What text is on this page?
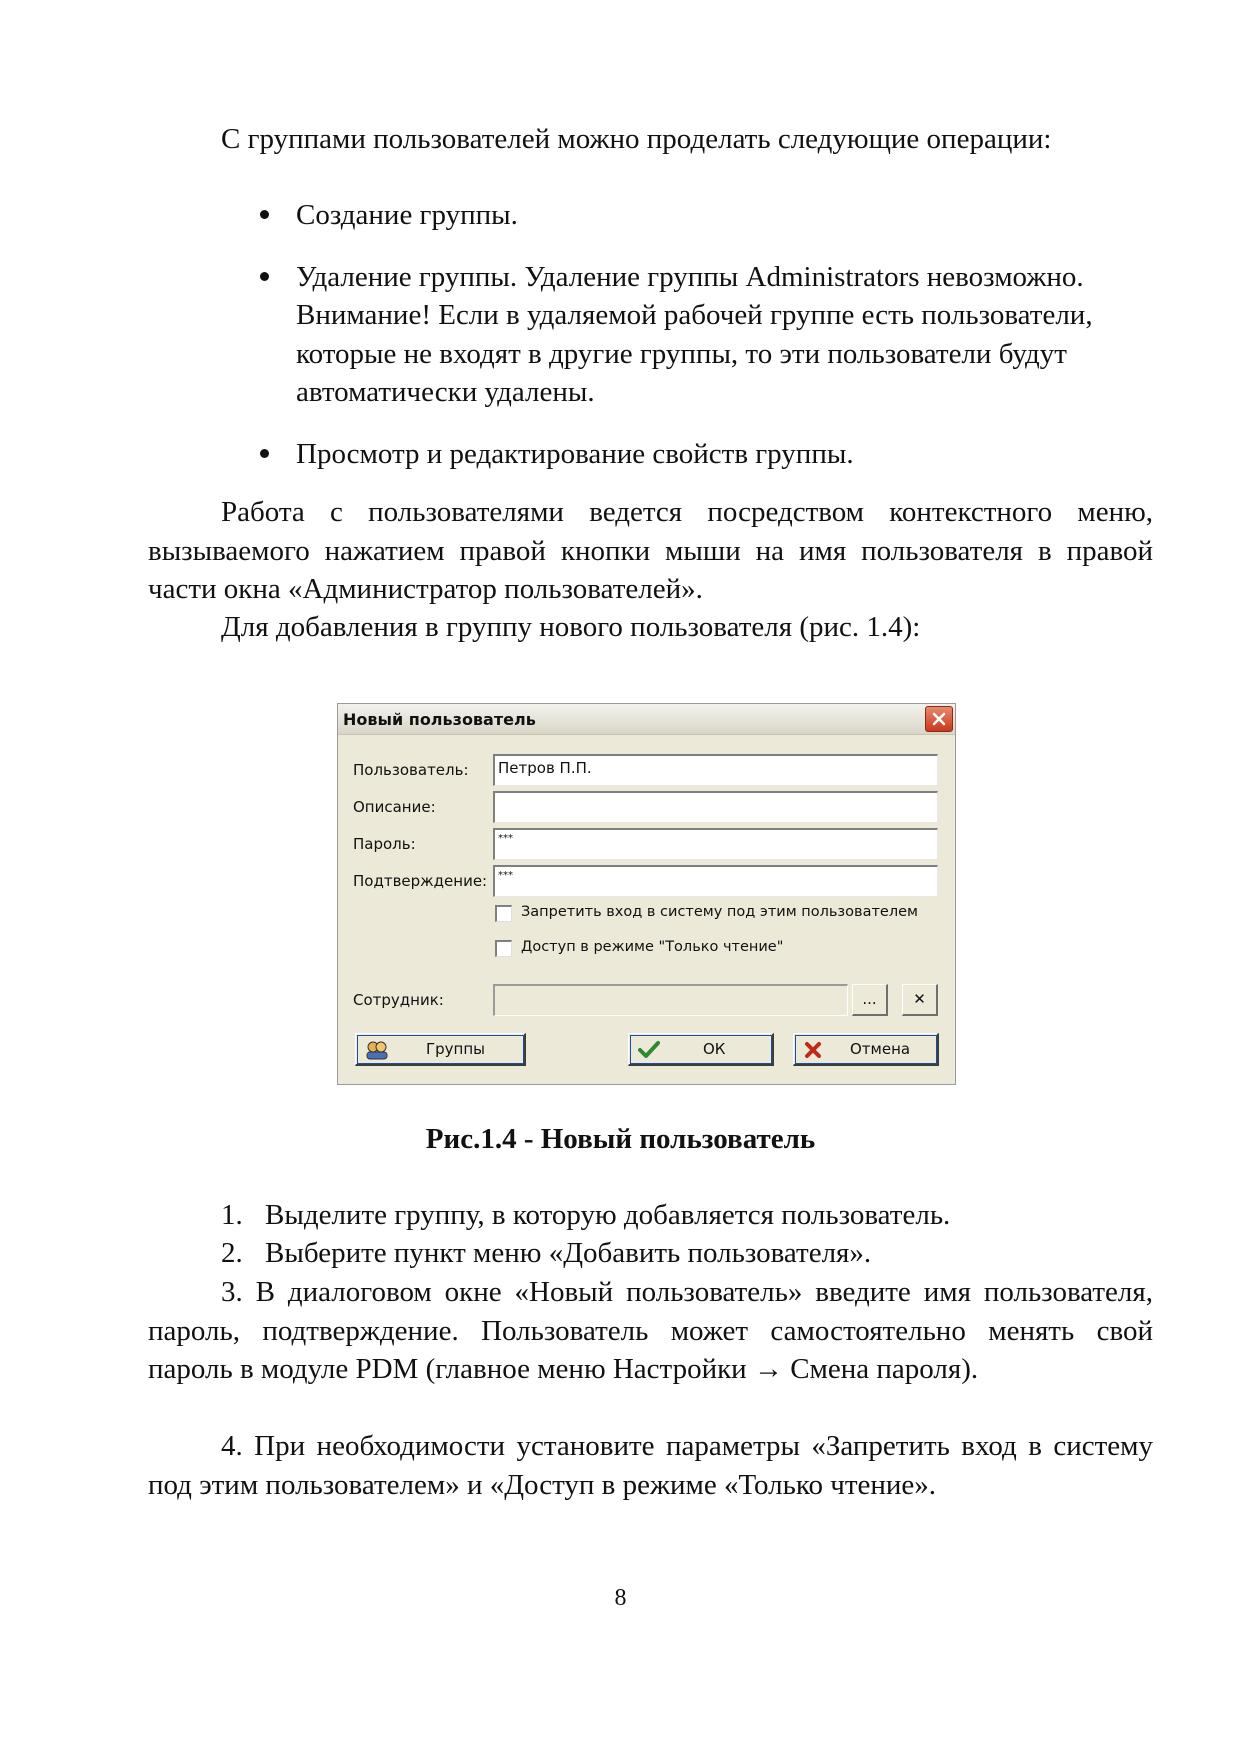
С группами пользователей можно проделать следующие операции:

Создание группы.
Удаление группы. Удаление группы Administrators невозможно. Внимание! Если в удаляемой рабочей группе есть пользователи, которые не входят в другие группы, то эти пользователи будут автоматически удалены.
Просмотр и редактирование свойств группы.

Работа с пользователями ведется посредством контекстного меню, вызываемого нажатием правой кнопки мыши на имя пользователя в правой части окна «Администратор пользователей».

Для добавления в группу нового пользователя (рис. 1.4):

Новый пользователь
Пользователь:	Петров П.П.
Описание:
Пароль:	***
Подтверждение:	***
Запретить вход в систему под этим пользователем
Доступ в режиме "Только чтение"
Сотрудник:	...	✕
Группы	ОК	Отмена
Рис.1.4 - Новый пользователь
1. Выделите группу, в которую добавляется пользователь.
2. Выберите пункт меню «Добавить пользователя».

3. В диалоговом окне «Новый пользователь» введите имя пользователя, пароль, подтверждение. Пользователь может самостоятельно менять свой пароль в модуле PDM (главное меню Настройки → Смена пароля).

4. При необходимости установите параметры «Запретить вход в систему под этим пользователем» и «Доступ в режиме «Только чтение».

8
